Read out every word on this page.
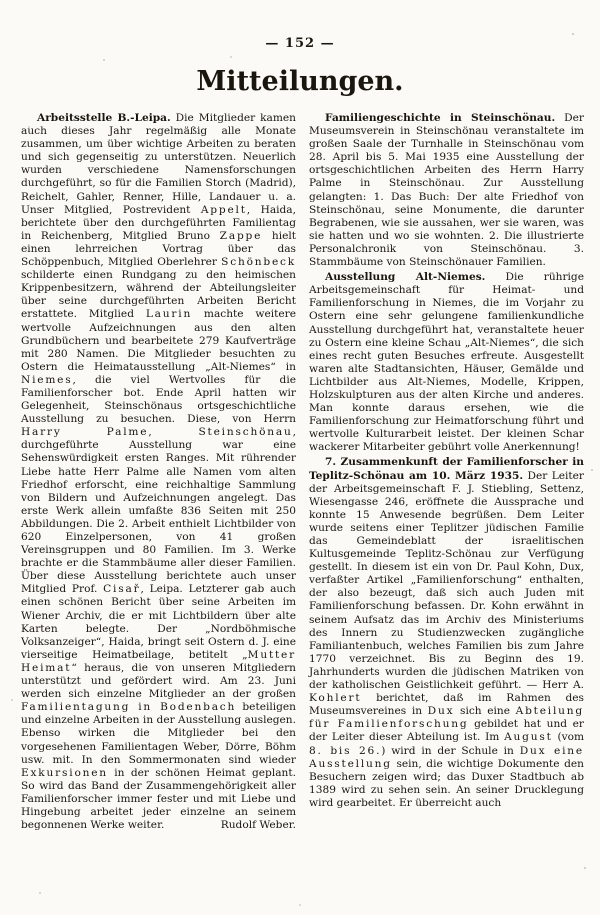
— 152 —
Mitteilungen.

Arbeitsstelle B.-Leipa. Die Mitglieder kamen auch dieses Jahr regelmäßig alle Monate zusammen, um über wichtige Arbeiten zu beraten und sich gegenseitig zu unterstützen. Neuerlich wurden verschiedene Namensforschungen durchgeführt, so für die Familien Storch (Madrid), Reichelt, Gahler, Renner, Hille, Landauer u. a. Unser Mitglied, Postrevident Appelt, Haida, berichtete über den durchgeführten Familientag in Reichenberg, Mitglied Bruno Zappe hielt einen lehrreichen Vortrag über das Schöppenbuch, Mitglied Oberlehrer Schönbeck schilderte einen Rundgang zu den heimischen Krippenbesitzern, während der Abteilungsleiter über seine durchgeführten Arbeiten Bericht erstattete. Mitglied Laurin machte weitere wertvolle Aufzeichnungen aus den alten Grundbüchern und bearbeitete 279 Kaufverträge mit 280 Namen. Die Mitglieder besuchten zu Ostern die Heimatausstellung „Alt-Niemes“ in Niemes, die viel Wertvolles für die Familienforscher bot. Ende April hatten wir Gelegenheit, Steinschönaus ortsgeschichtliche Ausstellung zu besuchen. Diese, von Herrn Harry Palme, Steinschönau, durchgeführte Ausstellung war eine Sehenswürdigkeit ersten Ranges. Mit rührender Liebe hatte Herr Palme alle Namen vom alten Friedhof erforscht, eine reichhaltige Sammlung von Bildern und Aufzeichnungen angelegt. Das erste Werk allein umfaßte 836 Seiten mit 250 Abbildungen. Die 2. Arbeit enthielt Lichtbilder von 620 Einzelpersonen, von 41 großen Vereinsgruppen und 80 Familien. Im 3. Werke brachte er die Stammbäume aller dieser Familien. Über diese Ausstellung berichtete auch unser Mitglied Prof. Cisař, Leipa. Letzterer gab auch einen schönen Bericht über seine Arbeiten im Wiener Archiv, die er mit Lichtbildern über alte Karten belegte. Der „Nordböhmische Volksanzeiger“, Haida, bringt seit Ostern d. J. eine vierseitige Heimatbeilage, betitelt „Mutter Heimat“ heraus, die von unseren Mitgliedern unterstützt und gefördert wird. Am 23. Juni werden sich einzelne Mitglieder an der großen Familientagung in Bodenbach beteiligen und einzelne Arbeiten in der Ausstellung auslegen. Ebenso wirken die Mitglieder bei den vorgesehenen Familientagen Weber, Dörre, Böhm usw. mit. In den Sommermonaten sind wieder Exkursionen in der schönen Heimat geplant. So wird das Band der Zusammengehörigkeit aller Familienforscher immer fester und mit Liebe und Hingebung arbeitet jeder einzelne an seinem begonnenen Werke weiter.	Rudolf Weber.

Familiengeschichte in Steinschönau. Der Museumsverein in Steinschönau veranstaltete im großen Saale der Turnhalle in Steinschönau vom 28. April bis 5. Mai 1935 eine Ausstellung der ortsgeschichtlichen Arbeiten des Herrn Harry Palme in Steinschönau. Zur Ausstellung gelangten: 1. Das Buch: Der alte Friedhof von Steinschönau, seine Monumente, die darunter Begrabenen, wie sie aussahen, wer sie waren, was sie hatten und wo sie wohnten. 2. Die illustrierte Personalchronik von Steinschönau. 3. Stammbäume von Steinschönauer Familien.

Ausstellung Alt-Niemes. Die rührige Arbeitsgemeinschaft für Heimat- und Familienforschung in Niemes, die im Vorjahr zu Ostern eine sehr gelungene familienkundliche Ausstellung durchgeführt hat, veranstaltete heuer zu Ostern eine kleine Schau „Alt-Niemes“, die sich eines recht guten Besuches erfreute. Ausgestellt waren alte Stadtansichten, Häuser, Gemälde und Lichtbilder aus Alt-Niemes, Modelle, Krippen, Holzskulpturen aus der alten Kirche und anderes. Man konnte daraus ersehen, wie die Familienforschung zur Heimatforschung führt und wertvolle Kulturarbeit leistet. Der kleinen Schar wackerer Mitarbeiter gebührt volle Anerkennung!

7. Zusammenkunft der Familienforscher in Teplitz-Schönau am 10. März 1935. Der Leiter der Arbeitsgemeinschaft F. J. Stiebling, Settenz, Wiesengasse 246, eröffnete die Aussprache und konnte 15 Anwesende begrüßen. Dem Leiter wurde seitens einer Teplitzer jüdischen Familie das Gemeindeblatt der israelitischen Kultusgemeinde Teplitz-Schönau zur Verfügung gestellt. In diesem ist ein von Dr. Paul Kohn, Dux, verfaßter Artikel „Familienforschung“ enthalten, der also bezeugt, daß sich auch Juden mit Familienforschung befassen. Dr. Kohn erwähnt in seinem Aufsatz das im Archiv des Ministeriums des Innern zu Studienzwecken zugängliche Familiantenbuch, welches Familien bis zum Jahre 1770 verzeichnet. Bis zu Beginn des 19. Jahrhunderts wurden die jüdischen Matriken von der katholischen Geistlichkeit geführt. — Herr A. Kohlert berichtet, daß im Rahmen des Museumsvereines in Dux sich eine Abteilung für Familienforschung gebildet hat und er der Leiter dieser Abteilung ist. Im August (vom 8. bis 26.) wird in der Schule in Dux eine Ausstellung sein, die wichtige Dokumente den Besuchern zeigen wird; das Duxer Stadtbuch ab 1389 wird zu sehen sein. An seiner Drucklegung wird gearbeitet. Er überreicht auch
